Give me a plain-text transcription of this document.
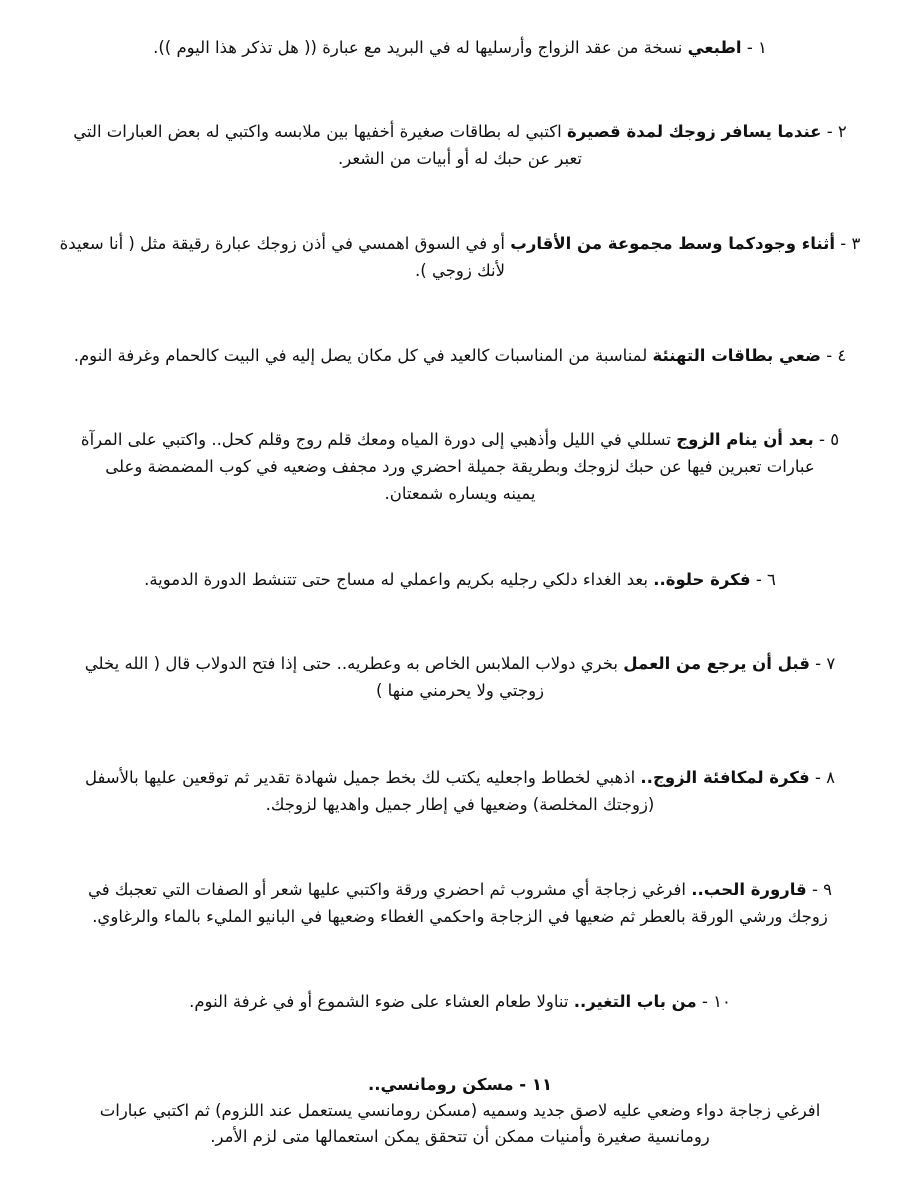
١ - اطبعي نسخة من عقد الزواج وأرسليها له في البريد مع عبارة (( هل تذكر هذا اليوم )).

٢ - عندما يسافر زوجك لمدة قصيرة اكتبي له بطاقات صغيرة أخفيها بين ملابسه واكتبي له بعض العبارات التي

تعبر عن حبك له أو أبيات من الشعر.

٣ - أثناء وجودكما وسط مجموعة من الأقارب أو في السوق اهمسي في أذن زوجك عبارة رقيقة مثل ( أنا سعيدة

لأنك زوجي ).

٤ - ضعي بطاقات التهنئة لمناسبة من المناسبات كالعيد في كل مكان يصل إليه في البيت كالحمام وغرفة النوم.

٥ - بعد أن ينام الزوج تسللي في الليل وأذهبي إلى دورة المياه ومعك قلم روج وقلم كحل.. واكتبي على المرآة

عبارات تعبرين فيها عن حبك لزوجك وبطريقة جميلة احضري ورد مجفف وضعيه في كوب المضمضة وعلى

يمينه ويساره شمعتان.

٦ - فكرة حلوة.. بعد الغداء دلكي رجليه بكريم واعملي له مساج حتى تتنشط الدورة الدموية.

٧ - قبل أن يرجع من العمل بخري دولاب الملابس الخاص به وعطريه.. حتى إذا فتح الدولاب قال ( الله يخلي

زوجتي ولا يحرمني منها )

٨ - فكرة لمكافئة الزوج.. اذهبي لخطاط واجعليه يكتب لك بخط جميل شهادة تقدير ثم توقعين عليها بالأسفل

(زوجتك المخلصة) وضعيها في إطار جميل واهديها لزوجك.

٩ - قارورة الحب.. افرغي زجاجة أي مشروب ثم احضري ورقة واكتبي عليها شعر أو الصفات التي تعجبك في

زوجك ورشي الورقة بالعطر ثم ضعيها في الزجاجة واحكمي الغطاء وضعيها في البانيو المليء بالماء والرغاوي.

١٠ - من باب التغير.. تناولا طعام العشاء على ضوء الشموع أو في غرفة النوم.

١١ - مسكن رومانسي..

افرغي زجاجة دواء وضعي عليه لاصق جديد وسميه (مسكن رومانسي يستعمل عند اللزوم) ثم اكتبي عبارات

رومانسية صغيرة وأمنيات ممكن أن تتحقق يمكن استعمالها متى لزم الأمر.
